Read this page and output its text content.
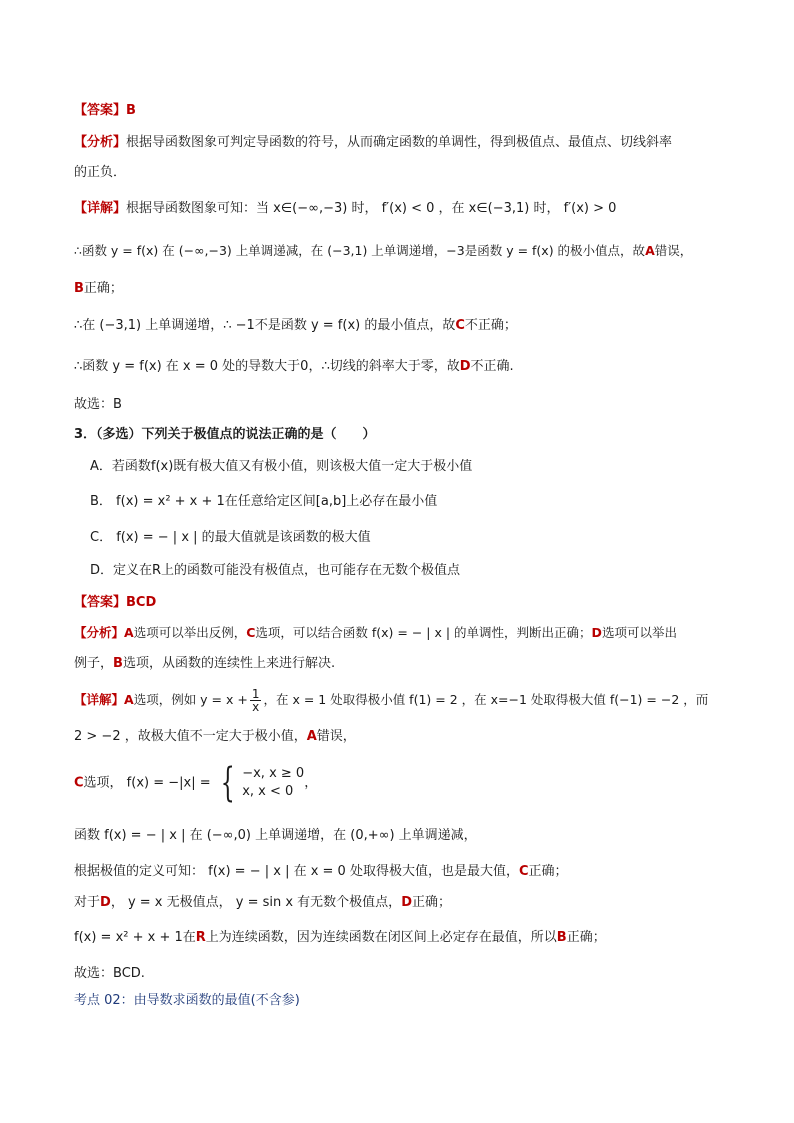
【答案】B
【分析】根据导函数图象可判定导函数的符号，从而确定函数的单调性，得到极值点、最值点、切线斜率
的正负．
【详解】根据导函数图象可知：当 x∈(−∞,−3) 时， f′(x) < 0 ，在 x∈(−3,1) 时， f′(x) > 0
∴函数 y = f(x) 在 (−∞,−3) 上单调递减，在 (−3,1) 上单调递增，−3是函数 y = f(x) 的极小值点，故A错误，
B正确；
∴在 (−3,1) 上单调递增，∴ −1不是函数 y = f(x) 的最小值点，故C不正确；
∴函数 y = f(x) 在 x = 0 处的导数大于0，∴切线的斜率大于零，故D不正确.
故选：B
3．（多选）下列关于极值点的说法正确的是（　　）
A．若函数f(x)既有极大值又有极小值，则该极大值一定大于极小值
B． f(x) = x² + x + 1在任意给定区间[a,b]上必存在最小值
C． f(x) = − | x | 的最大值就是该函数的极大值
D．定义在R上的函数可能没有极值点，也可能存在无数个极值点
【答案】BCD
【分析】A选项可以举出反例，C选项，可以结合函数 f(x) = − | x | 的单调性，判断出正确；D选项可以举出
例子，B选项，从函数的连续性上来进行解决.
【详解】A选项，例如 $y = x + \frac{1}{x}$ ，在 x = 1 处取得极小值 f(1) = 2 ，在 x=−1 处取得极大值 f(−1) = −2 ，而
2 > −2 ，故极大值不一定大于极小值，A错误，
C选项， f(x) = −|x| = { −x, x ≥ 0
x, x < 0
，
函数 f(x) = − | x | 在 (−∞,0) 上单调递增，在 (0,+∞) 上单调递减，
根据极值的定义可知： f(x) = − | x | 在 x = 0 处取得极大值，也是最大值，C正确；
对于D， y = x 无极值点， y = sin x 有无数个极值点，D正确；
f(x) = x² + x + 1在R上为连续函数，因为连续函数在闭区间上必定存在最值，所以B正确；
故选：BCD.
考点 02：由导数求函数的最值(不含参)
